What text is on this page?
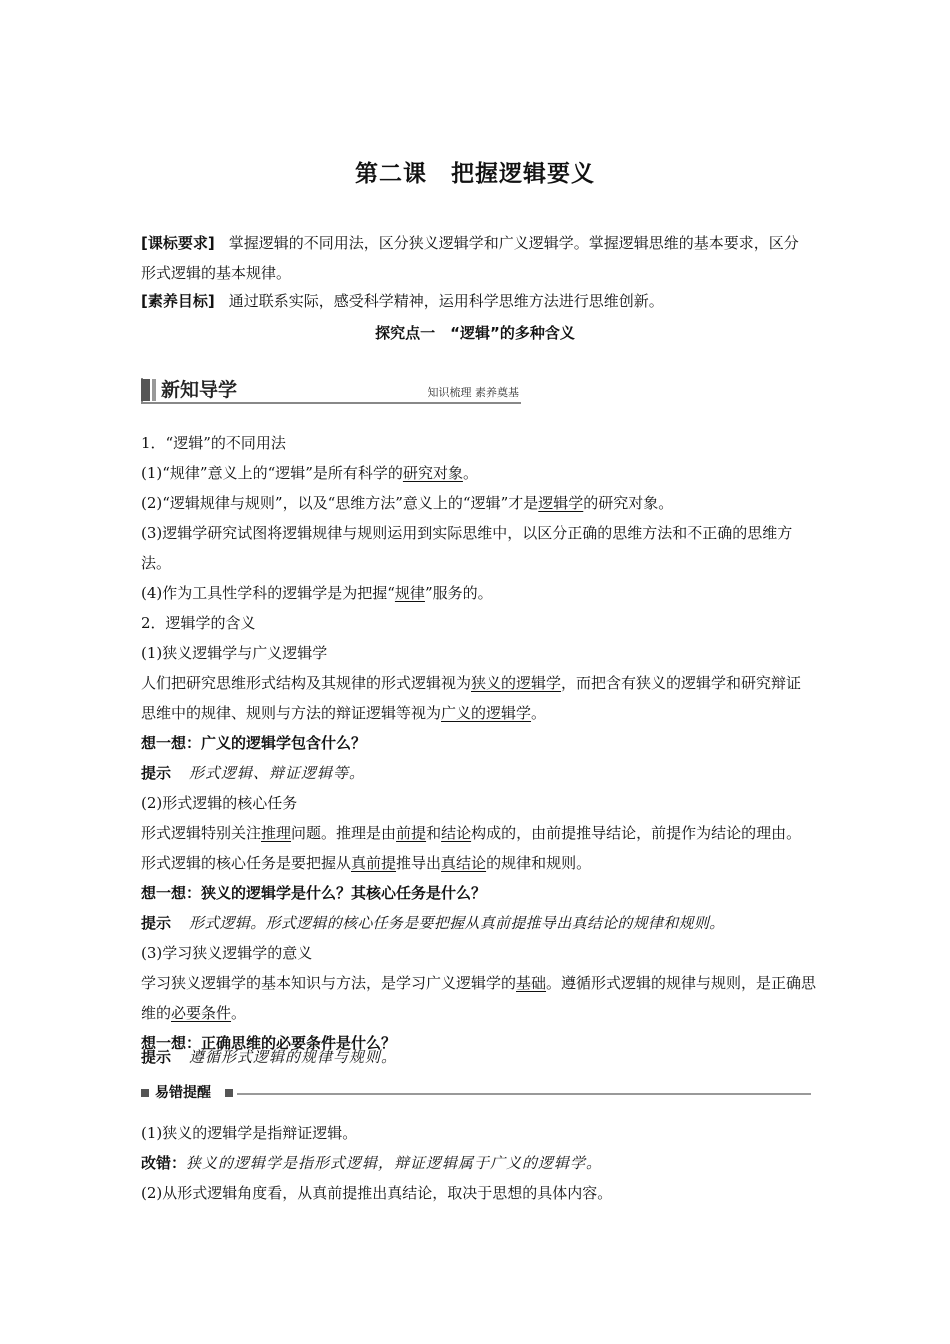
第二课　把握逻辑要义
[课标要求] 掌握逻辑的不同用法，区分狭义逻辑学和广义逻辑学。掌握逻辑思维的基本要求，区分形式逻辑的基本规律。
[素养目标] 通过联系实际，感受科学精神，运用科学思维方法进行思维创新。
探究点一　“逻辑”的多种含义
新知导学	知识梳理 素养奠基
1．“逻辑”的不同用法
(1)“规律”意义上的“逻辑”是所有科学的研究对象。
(2)“逻辑规律与规则”，以及“思维方法”意义上的“逻辑”才是逻辑学的研究对象。
(3)逻辑学研究试图将逻辑规律与规则运用到实际思维中，以区分正确的思维方法和不正确的思维方法。
(4)作为工具性学科的逻辑学是为把握“规律”服务的。
2．逻辑学的含义
(1)狭义逻辑学与广义逻辑学
人们把研究思维形式结构及其规律的形式逻辑视为狭义的逻辑学，而把含有狭义的逻辑学和研究辩证思维中的规律、规则与方法的辩证逻辑等视为广义的逻辑学。
想一想：广义的逻辑学包含什么？
提示 形式逻辑、辩证逻辑等。
(2)形式逻辑的核心任务
形式逻辑特别关注推理问题。推理是由前提和结论构成的，由前提推导结论，前提作为结论的理由。形式逻辑的核心任务是要把握从真前提推导出真结论的规律和规则。
想一想：狭义的逻辑学是什么？其核心任务是什么？
提示 形式逻辑。形式逻辑的核心任务是要把握从真前提推导出真结论的规律和规则。
(3)学习狭义逻辑学的意义
学习狭义逻辑学的基本知识与方法，是学习广义逻辑学的基础。遵循形式逻辑的规律与规则，是正确思维的必要条件。
想一想：正确思维的必要条件是什么？
提示 遵循形式逻辑的规律与规则。
易错提醒
(1)狭义的逻辑学是指辩证逻辑。
改错：狭义的逻辑学是指形式逻辑，辩证逻辑属于广义的逻辑学。
(2)从形式逻辑角度看，从真前提推出真结论，取决于思想的具体内容。
